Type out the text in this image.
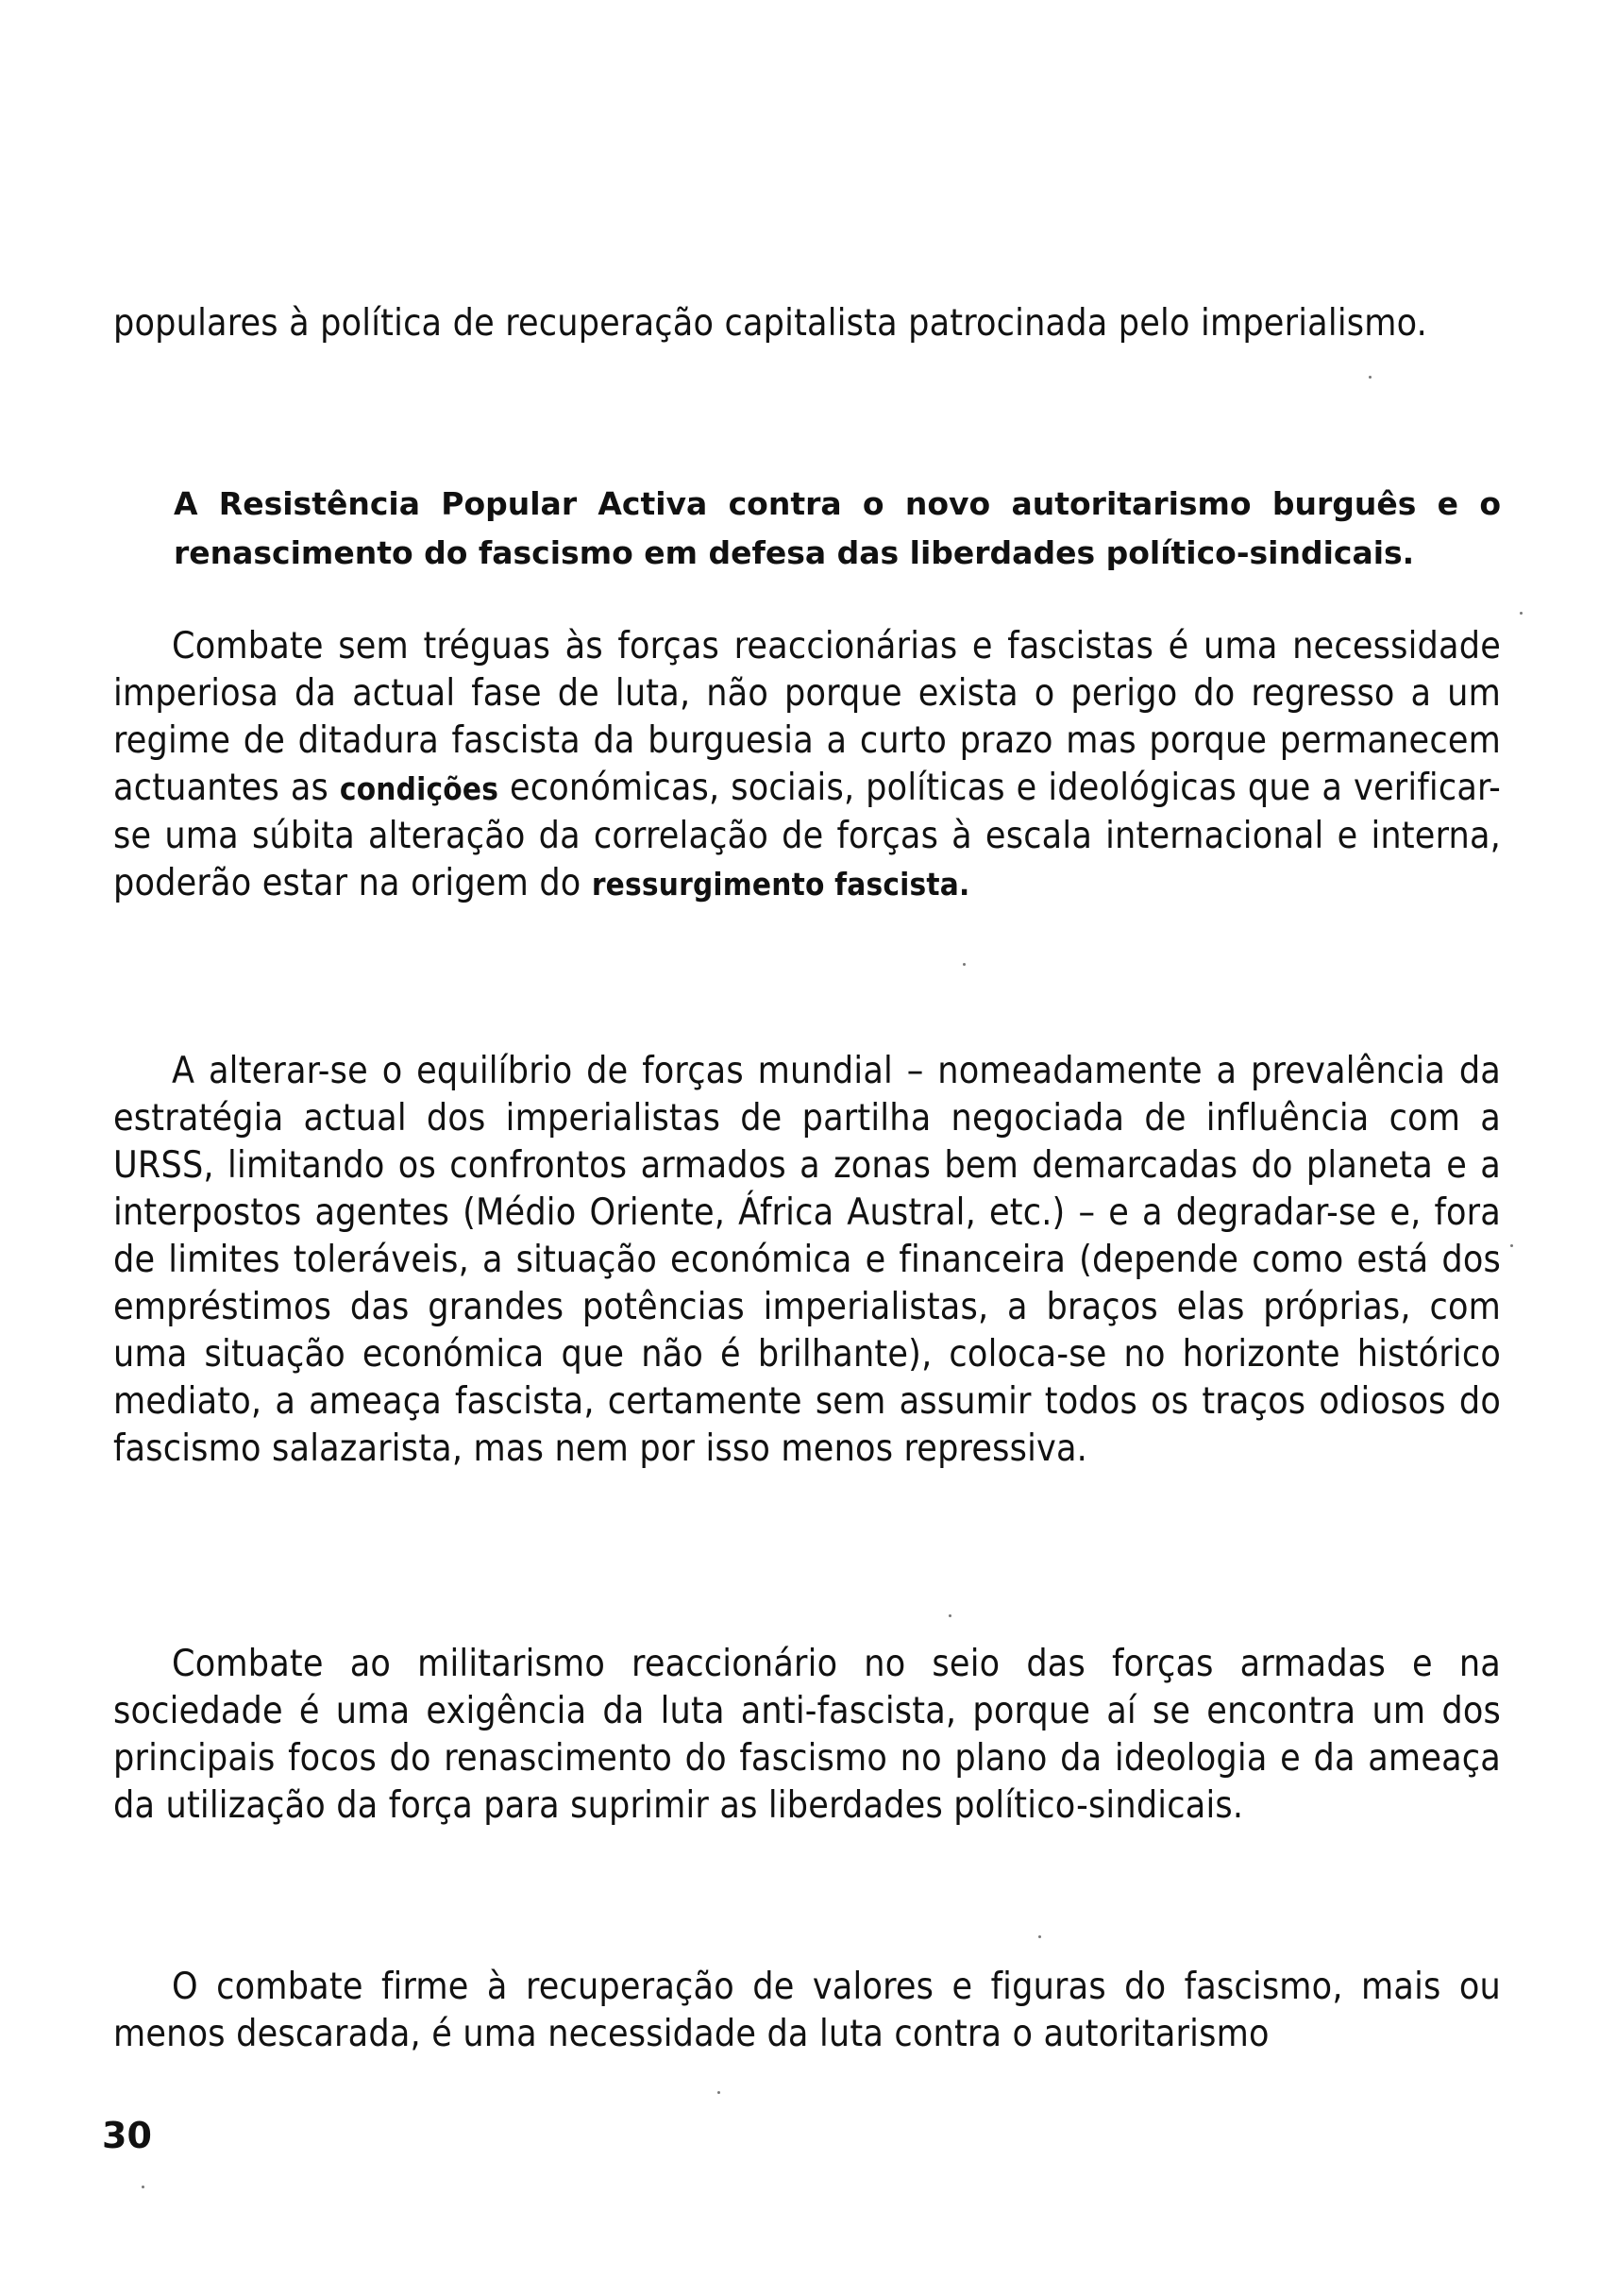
populares à política de recuperação capitalista patrocinada pelo imperialismo.

A Resistência Popular Activa contra o novo autoritarismo burguês e o renascimento do fascismo em defesa das liberdades político-sindicais.

Combate sem tréguas às forças reaccionárias e fascistas é uma necessidade imperiosa da actual fase de luta, não porque exista o perigo do regresso a um regime de ditadura fascista da burguesia a curto prazo mas porque permanecem actuantes as condições económicas, sociais, políticas e ideológicas que a verificar-se uma súbita alteração da correlação de forças à escala internacional e interna, poderão estar na origem do ressurgimento fascista.

A alterar-se o equilíbrio de forças mundial – nomeadamente a prevalência da estratégia actual dos imperialistas de partilha negociada de influência com a URSS, limitando os confrontos armados a zonas bem demarcadas do planeta e a interpostos agentes (Médio Oriente, África Austral, etc.) – e a degradar-se e, fora de limites toleráveis, a situação económica e financeira (depende como está dos empréstimos das grandes potências imperialistas, a braços elas próprias, com uma situação económica que não é brilhante), coloca-se no horizonte histórico mediato, a ameaça fascista, certamente sem assumir todos os traços odiosos do fascismo salazarista, mas nem por isso menos repressiva.

Combate ao militarismo reaccionário no seio das forças armadas e na sociedade é uma exigência da luta anti-fascista, porque aí se encontra um dos principais focos do renascimento do fascismo no plano da ideologia e da ameaça da utilização da força para suprimir as liberdades político-sindicais.

O combate firme à recuperação de valores e figuras do fascismo, mais ou menos descarada, é uma necessidade da luta contra o autoritarismo

30
